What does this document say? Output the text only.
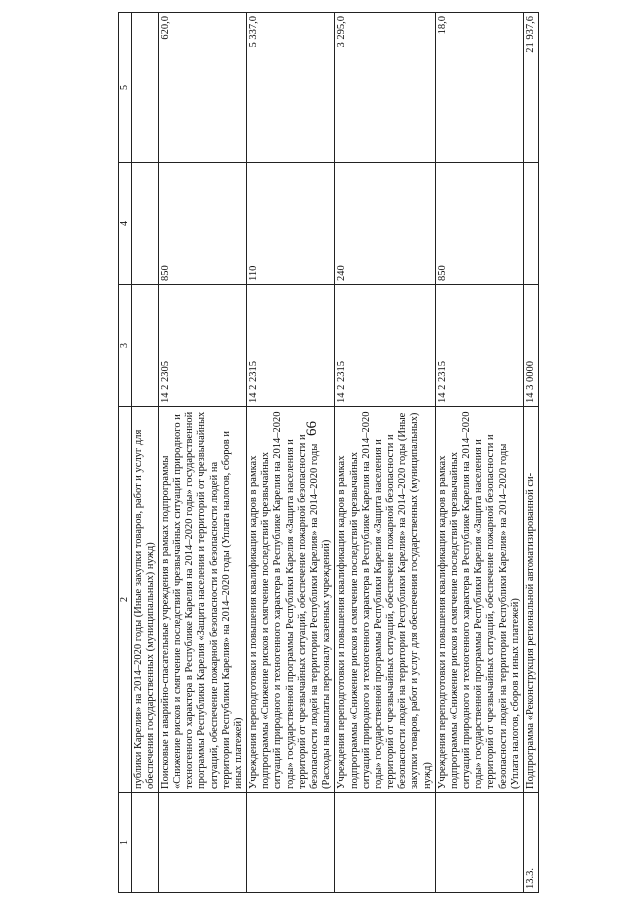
66
1	2	3	4	5
	публики Карелия» на 2014–2020 годы (Иные закупки товаров, работ и услуг для обеспечения государственных (муниципальных) нужд)			
	Поисковые и аварийно-спасательные учреждения в рамках подпрограммы «Снижение рисков и смягчение последствий чрезвычайных ситуаций природного и техногенного характера в Республике Карелия на 2014–2020 годы» государственной программы Республики Карелия «Защита населения и территорий от чрезвычайных ситуаций, обеспечение пожарной безопасности и безопасности людей на территории Республики Карелия» на 2014–2020 годы (Уплата налогов, сборов и иных платежей)	14 2 2305	850	620,0
	Учреждения переподготовки и повышения квалификации кадров в рамках подпрограммы «Снижение рисков и смягчение последствий чрезвычайных ситуаций природного и техногенного характера в Республике Карелия на 2014–2020 годы» государственной программы Республики Карелия «Защита населения и территорий от чрезвычайных ситуаций, обеспечение пожарной безопасности и безопасности людей на территории Республики Карелия» на 2014–2020 годы (Расходы на выплаты персоналу казенных учреждений)	14 2 2315	110	5 337,0
	Учреждения переподготовки и повышения квалификации кадров в рамках подпрограммы «Снижение рисков и смягчение последствий чрезвычайных ситуаций природного и техногенного характера в Республике Карелия на 2014–2020 годы» государственной программы Республики Карелия «Защита населения и территорий от чрезвычайных ситуаций, обеспечение пожарной безопасности и безопасности людей на территории Республики Карелия» на 2014–2020 годы (Иные закупки товаров, работ и услуг для обеспечения государственных (муниципальных) нужд)	14 2 2315	240	3 295,0
	Учреждения переподготовки и повышения квалификации кадров в рамках подпрограммы «Снижение рисков и смягчение последствий чрезвычайных ситуаций природного и техногенного характера в Республике Карелия на 2014–2020 годы» государственной программы Республики Карелия «Защита населения и территорий от чрезвычайных ситуаций, обеспечение пожарной безопасности и безопасности людей на территории Республики Карелия» на 2014–2020 годы (Уплата налогов, сборов и иных платежей)	14 2 2315	850	18,0
13.3.	Подпрограмма «Реконструкция региональной автоматизированной си-	14 3 0000		21 937,6
